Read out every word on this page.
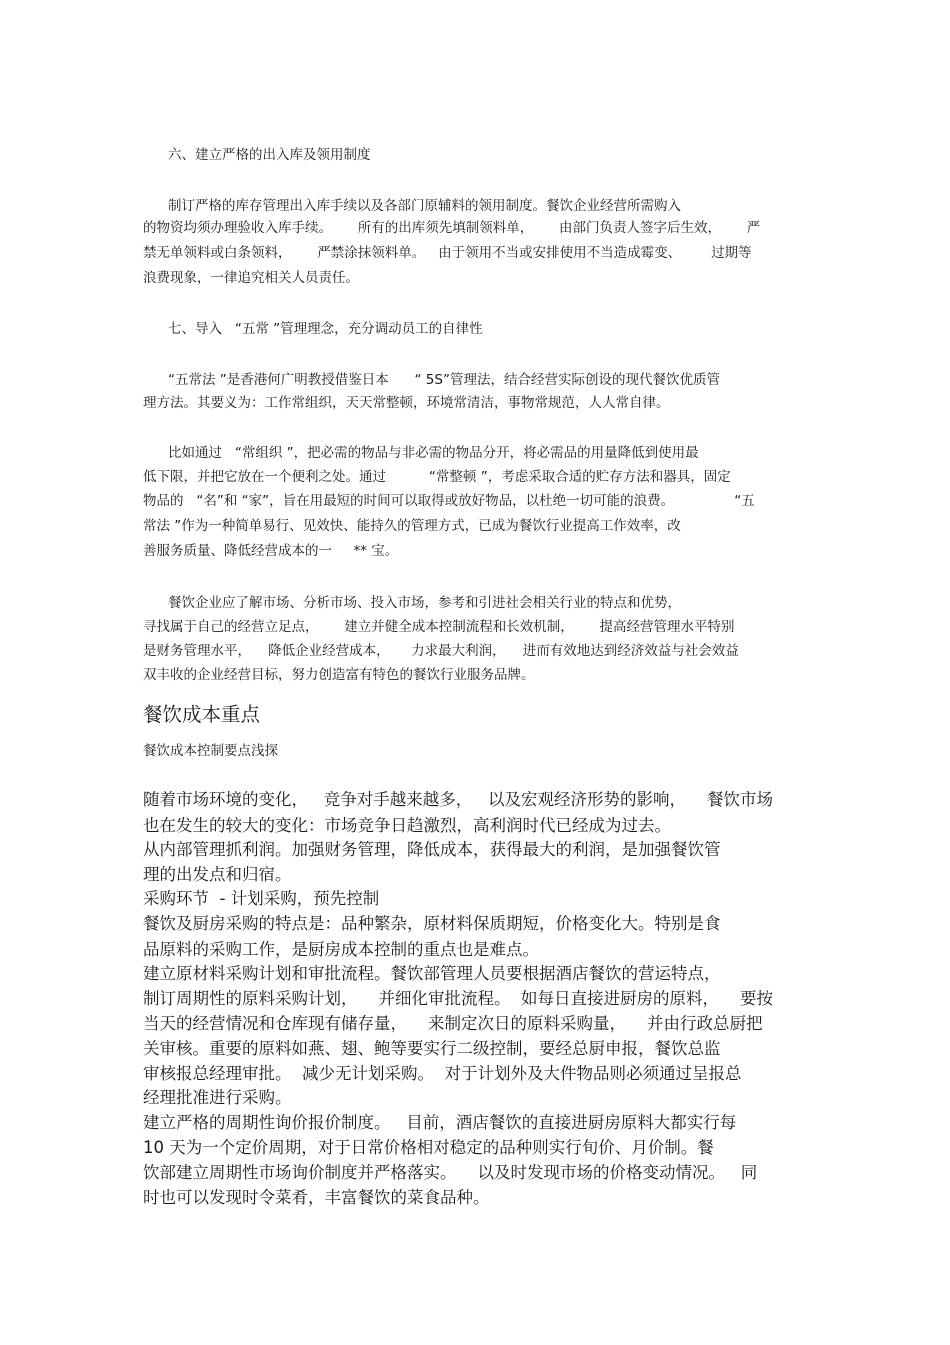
六、建立严格的出入库及领用制度
制订严格的库存管理出入库手续以及各部门原辅料的领用制度。餐饮企业经营所需购入
的物资均须办理验收入库手续。      所有的出库须先填制领料单，      由部门负责人签字后生效，      严
禁无单领料或白条领料，      严禁涂抹领料单。   由于领用不当或安排使用不当造成霉变、       过期等
浪费现象，一律追究相关人员责任。
七、导入   “五常 ”管理理念，充分调动员工的自律性
“五常法 ”是香港何广明教授借鉴日本      “ 5S”管理法，结合经营实际创设的现代餐饮优质管
理方法。其要义为：工作常组织，天天常整顿，环境常清洁，事物常规范，人人常自律。
比如通过   “常组织 ”，把必需的物品与非必需的物品分开，将必需品的用量降低到使用最
低下限，并把它放在一个便利之处。通过          “常整顿 ”，考虑采取合适的贮存方法和器具，固定
物品的   “名”和 “家”，旨在用最短的时间可以取得或放好物品，以杜绝一切可能的浪费。              “五
常法 ”作为一种简单易行、见效快、能持久的管理方式，已成为餐饮行业提高工作效率，改
善服务质量、降低经营成本的一     ** 宝。
餐饮企业应了解市场、分析市场、投入市场，参考和引进社会相关行业的特点和优势，
寻找属于自己的经营立足点，      建立并健全成本控制流程和长效机制，      提高经营管理水平特别
是财务管理水平，    降低企业经营成本，     力求最大利润，    进而有效地达到经济效益与社会效益
双丰收的企业经营目标，努力创造富有特色的餐饮行业服务品牌。
餐饮成本重点
餐饮成本控制要点浅探
随着市场环境的变化，   竞争对手越来越多，   以及宏观经济形势的影响，    餐饮市场
也在发生的较大的变化：市场竞争日趋激烈，高利润时代已经成为过去。
从内部管理抓利润。加强财务管理，降低成本，获得最大的利润，是加强餐饮管
理的出发点和归宿。
采购环节  - 计划采购，预先控制
餐饮及厨房采购的特点是：品种繁杂，原材料保质期短，价格变化大。特别是食
品原料的采购工作，是厨房成本控制的重点也是难点。
建立原材料采购计划和审批流程。餐饮部管理人员要根据酒店餐饮的营运特点，
制订周期性的原料采购计划，    并细化审批流程。  如每日直接进厨房的原料，    要按
当天的经营情况和仓库现有储存量，    来制定次日的原料采购量，    并由行政总厨把
关审核。重要的原料如燕、翅、鲍等要实行二级控制，要经总厨申报，餐饮总监
审核报总经理审批。  减少无计划采购。  对于计划外及大件物品则必须通过呈报总
经理批准进行采购。
建立严格的周期性询价报价制度。   目前，酒店餐饮的直接进厨房原料大都实行每
10 天为一个定价周期，对于日常价格相对稳定的品种则实行旬价、月价制。餐
饮部建立周期性市场询价制度并严格落实。    以及时发现市场的价格变动情况。   同
时也可以发现时令菜肴，丰富餐饮的菜食品种。
